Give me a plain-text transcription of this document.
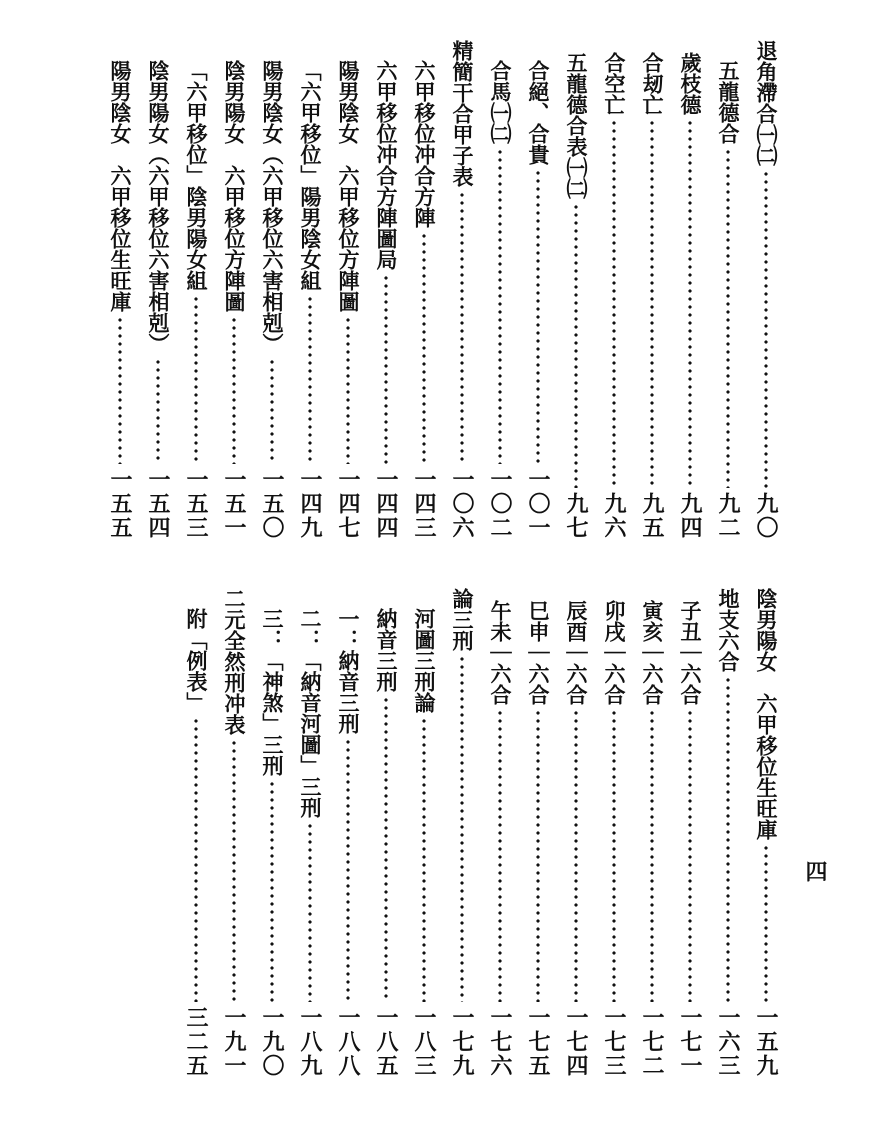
退角滯合㈠㈡
九〇
五龍德合
九二
歲枝德
九四
合刼亡
九五
合空亡
九六
五龍德合表㈠㈡
九七
合絕、合貴
一〇一
合馬㈠㈡
一〇二
精簡干合甲子表
一〇六
六甲移位冲合方陣
一四三
六甲移位冲合方陣圖局
一四四
陽男陰女　六甲移位方陣圖
一四七
「六甲移位」陽男陰女組
一四九
陽男陰女（六甲移位六害相剋）
一五〇
陰男陽女　六甲移位方陣圖
一五一
「六甲移位」陰男陽女組
一五三
陰男陽女（六甲移位六害相剋）
一五四
陽男陰女　六甲移位生旺庫
一五五
陰男陽女　六甲移位生旺庫
一五九
地支六合
一六三
子丑｜六合
一七一
寅亥｜六合
一七二
卯戌｜六合
一七三
辰酉｜六合
一七四
巳申｜六合
一七五
午未｜六合
一七六
論三刑
一七九
河圖三刑論
一八三
納音三刑
一八五
一：納音三刑
一八八
二：「納音河圖」三刑
一八九
三：「神煞」三刑
一九〇
二元全然刑冲表
一九一
附「例表」
三二五
四
